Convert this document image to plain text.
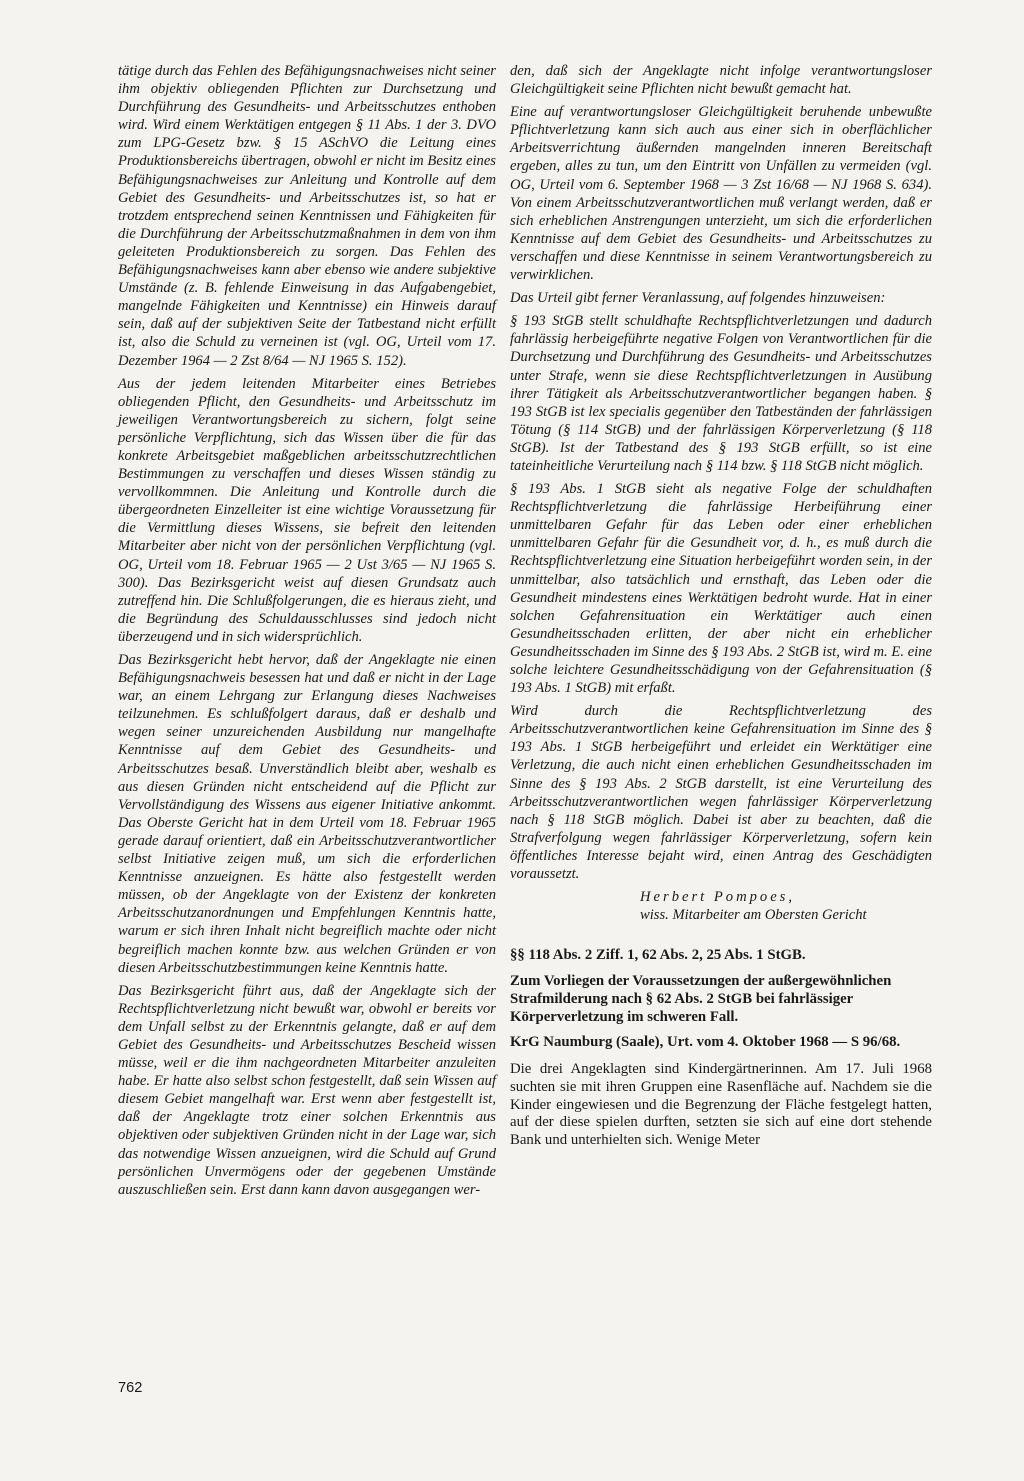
tätige durch das Fehlen des Befähigungsnachweises nicht seiner ihm objektiv obliegenden Pflichten zur Durchsetzung und Durchführung des Gesundheits- und Arbeitsschutzes enthoben wird. Wird einem Werktätigen entgegen § 11 Abs. 1 der 3. DVO zum LPG-Gesetz bzw. § 15 ASchVO die Leitung eines Produktionsbereichs übertragen, obwohl er nicht im Besitz eines Befähigungsnachweises zur Anleitung und Kontrolle auf dem Gebiet des Gesundheits- und Arbeitsschutzes ist, so hat er trotzdem entsprechend seinen Kenntnissen und Fähigkeiten für die Durchführung der Arbeitsschutzmaßnahmen in dem von ihm geleiteten Produktionsbereich zu sorgen. Das Fehlen des Befähigungsnachweises kann aber ebenso wie andere subjektive Umstände (z. B. fehlende Einweisung in das Aufgabengebiet, mangelnde Fähigkeiten und Kenntnisse) ein Hinweis darauf sein, daß auf der subjektiven Seite der Tatbestand nicht erfüllt ist, also die Schuld zu verneinen ist (vgl. OG, Urteil vom 17. Dezember 1964 — 2 Zst 8/64 — NJ 1965 S. 152).

Aus der jedem leitenden Mitarbeiter eines Betriebes obliegenden Pflicht, den Gesundheits- und Arbeitsschutz im jeweiligen Verantwortungsbereich zu sichern, folgt seine persönliche Verpflichtung, sich das Wissen über die für das konkrete Arbeitsgebiet maßgeblichen arbeitsschutzrechtlichen Bestimmungen zu verschaffen und dieses Wissen ständig zu vervollkommnen. Die Anleitung und Kontrolle durch die übergeordneten Einzelleiter ist eine wichtige Voraussetzung für die Vermittlung dieses Wissens, sie befreit den leitenden Mitarbeiter aber nicht von der persönlichen Verpflichtung (vgl. OG, Urteil vom 18. Februar 1965 — 2 Ust 3/65 — NJ 1965 S. 300). Das Bezirksgericht weist auf diesen Grundsatz auch zutreffend hin. Die Schlußfolgerungen, die es hieraus zieht, und die Begründung des Schuldausschlusses sind jedoch nicht überzeugend und in sich widersprüchlich.

Das Bezirksgericht hebt hervor, daß der Angeklagte nie einen Befähigungsnachweis besessen hat und daß er nicht in der Lage war, an einem Lehrgang zur Erlangung dieses Nachweises teilzunehmen. Es schlußfolgert daraus, daß er deshalb und wegen seiner unzureichenden Ausbildung nur mangelhafte Kenntnisse auf dem Gebiet des Gesundheits- und Arbeitsschutzes besaß. Unverständlich bleibt aber, weshalb es aus diesen Gründen nicht entscheidend auf die Pflicht zur Vervollständigung des Wissens aus eigener Initiative ankommt. Das Oberste Gericht hat in dem Urteil vom 18. Februar 1965 gerade darauf orientiert, daß ein Arbeitsschutzverantwortlicher selbst Initiative zeigen muß, um sich die erforderlichen Kenntnisse anzueignen. Es hätte also festgestellt werden müssen, ob der Angeklagte von der Existenz der konkreten Arbeitsschutzanordnungen und Empfehlungen Kenntnis hatte, warum er sich ihren Inhalt nicht begreiflich machte oder nicht begreiflich machen konnte bzw. aus welchen Gründen er von diesen Arbeitsschutzbestimmungen keine Kenntnis hatte.

Das Bezirksgericht führt aus, daß der Angeklagte sich der Rechtspflichtverletzung nicht bewußt war, obwohl er bereits vor dem Unfall selbst zu der Erkenntnis gelangte, daß er auf dem Gebiet des Gesundheits- und Arbeitsschutzes Bescheid wissen müsse, weil er die ihm nachgeordneten Mitarbeiter anzuleiten habe. Er hatte also selbst schon festgestellt, daß sein Wissen auf diesem Gebiet mangelhaft war. Erst wenn aber festgestellt ist, daß der Angeklagte trotz einer solchen Erkenntnis aus objektiven oder subjektiven Gründen nicht in der Lage war, sich das notwendige Wissen anzueignen, wird die Schuld auf Grund persönlichen Unvermögens oder der gegebenen Umstände auszuschließen sein. Erst dann kann davon ausgegangen wer-

den, daß sich der Angeklagte nicht infolge verantwortungsloser Gleichgültigkeit seine Pflichten nicht bewußt gemacht hat.

Eine auf verantwortungsloser Gleichgültigkeit beruhende unbewußte Pflichtverletzung kann sich auch aus einer sich in oberflächlicher Arbeitsverrichtung äußernden mangelnden inneren Bereitschaft ergeben, alles zu tun, um den Eintritt von Unfällen zu vermeiden (vgl. OG, Urteil vom 6. September 1968 — 3 Zst 16/68 — NJ 1968 S. 634). Von einem Arbeitsschutzverantwortlichen muß verlangt werden, daß er sich erheblichen Anstrengungen unterzieht, um sich die erforderlichen Kenntnisse auf dem Gebiet des Gesundheits- und Arbeitsschutzes zu verschaffen und diese Kenntnisse in seinem Verantwortungsbereich zu verwirklichen.

Das Urteil gibt ferner Veranlassung, auf folgendes hinzuweisen:

§ 193 StGB stellt schuldhafte Rechtspflichtverletzungen und dadurch fahrlässig herbeigeführte negative Folgen von Verantwortlichen für die Durchsetzung und Durchführung des Gesundheits- und Arbeitsschutzes unter Strafe, wenn sie diese Rechtspflichtverletzungen in Ausübung ihrer Tätigkeit als Arbeitsschutzverantwortlicher begangen haben. § 193 StGB ist lex specialis gegenüber den Tatbeständen der fahrlässigen Tötung (§ 114 StGB) und der fahrlässigen Körperverletzung (§ 118 StGB). Ist der Tatbestand des § 193 StGB erfüllt, so ist eine tateinheitliche Verurteilung nach § 114 bzw. § 118 StGB nicht möglich.

§ 193 Abs. 1 StGB sieht als negative Folge der schuldhaften Rechtspflichtverletzung die fahrlässige Herbeiführung einer unmittelbaren Gefahr für das Leben oder einer erheblichen unmittelbaren Gefahr für die Gesundheit vor, d. h., es muß durch die Rechtspflichtverletzung eine Situation herbeigeführt worden sein, in der unmittelbar, also tatsächlich und ernsthaft, das Leben oder die Gesundheit mindestens eines Werktätigen bedroht wurde. Hat in einer solchen Gefahrensituation ein Werktätiger auch einen Gesundheitsschaden erlitten, der aber nicht ein erheblicher Gesundheitsschaden im Sinne des § 193 Abs. 2 StGB ist, wird m. E. eine solche leichtere Gesundheitsschädigung von der Gefahrensituation (§ 193 Abs. 1 StGB) mit erfaßt.

Wird durch die Rechtspflichtverletzung des Arbeitsschutzverantwortlichen keine Gefahrensituation im Sinne des § 193 Abs. 1 StGB herbeigeführt und erleidet ein Werktätiger eine Verletzung, die auch nicht einen erheblichen Gesundheitsschaden im Sinne des § 193 Abs. 2 StGB darstellt, ist eine Verurteilung des Arbeitsschutzverantwortlichen wegen fahrlässiger Körperverletzung nach § 118 StGB möglich. Dabei ist aber zu beachten, daß die Strafverfolgung wegen fahrlässiger Körperverletzung, sofern kein öffentliches Interesse bejaht wird, einen Antrag des Geschädigten voraussetzt.

Herbert Pompoes,
wiss. Mitarbeiter am Obersten Gericht

§§ 118 Abs. 2 Ziff. 1, 62 Abs. 2, 25 Abs. 1 StGB.

Zum Vorliegen der Voraussetzungen der außergewöhnlichen Strafmilderung nach § 62 Abs. 2 StGB bei fahrlässiger Körperverletzung im schweren Fall.

KrG Naumburg (Saale), Urt. vom 4. Oktober 1968 — S 96/68.

Die drei Angeklagten sind Kindergärtnerinnen. Am 17. Juli 1968 suchten sie mit ihren Gruppen eine Rasenfläche auf. Nachdem sie die Kinder eingewiesen und die Begrenzung der Fläche festgelegt hatten, auf der diese spielen durften, setzten sie sich auf eine dort stehende Bank und unterhielten sich. Wenige Meter

762
